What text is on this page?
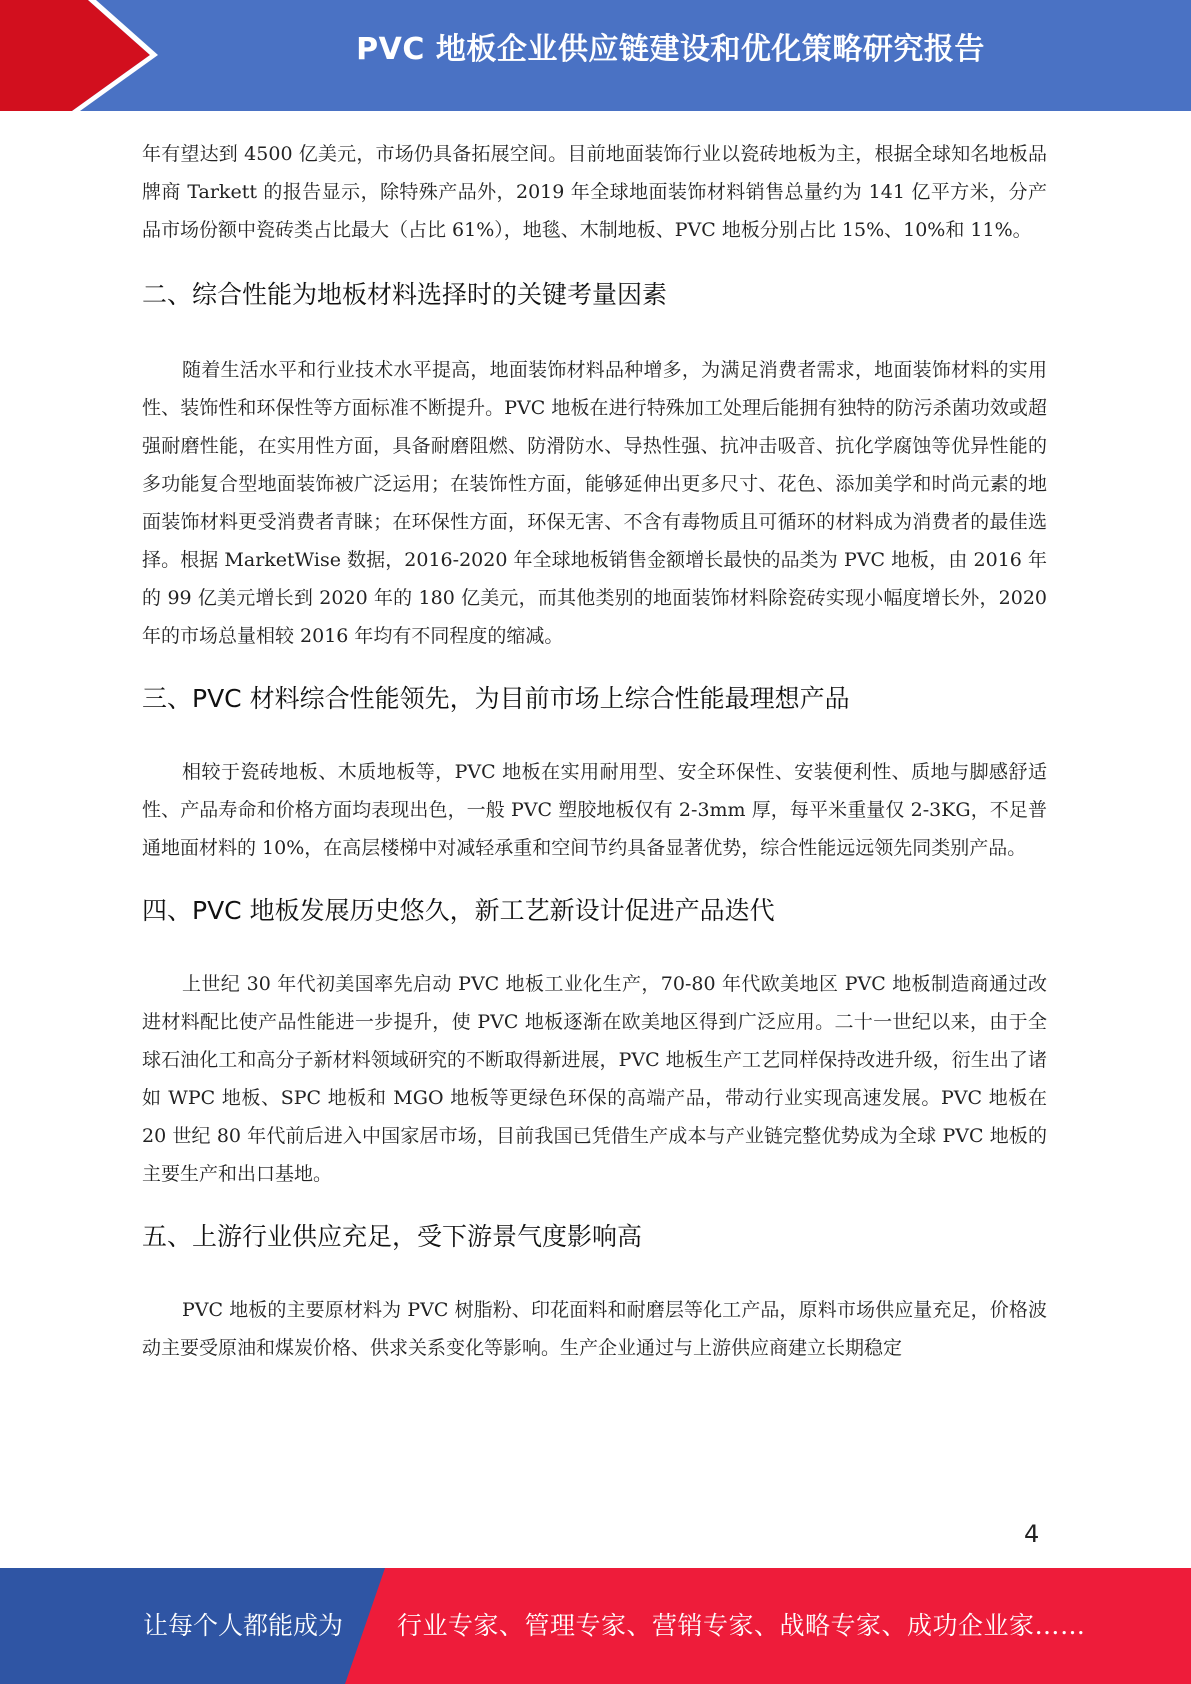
PVC 地板企业供应链建设和优化策略研究报告

年有望达到 4500 亿美元，市场仍具备拓展空间。目前地面装饰行业以瓷砖地板为主，根据全球知名地板品牌商 Tarkett 的报告显示，除特殊产品外，2019 年全球地面装饰材料销售总量约为 141 亿平方米，分产品市场份额中瓷砖类占比最大（占比 61%），地毯、木制地板、PVC 地板分别占比 15%、10%和 11%。

二、综合性能为地板材料选择时的关键考量因素

随着生活水平和行业技术水平提高，地面装饰材料品种增多，为满足消费者需求，地面装饰材料的实用性、装饰性和环保性等方面标准不断提升。PVC 地板在进行特殊加工处理后能拥有独特的防污杀菌功效或超强耐磨性能，在实用性方面，具备耐磨阻燃、防滑防水、导热性强、抗冲击吸音、抗化学腐蚀等优异性能的多功能复合型地面装饰被广泛运用；在装饰性方面，能够延伸出更多尺寸、花色、添加美学和时尚元素的地面装饰材料更受消费者青睐；在环保性方面，环保无害、不含有毒物质且可循环的材料成为消费者的最佳选择。根据 MarketWise 数据，2016-2020 年全球地板销售金额增长最快的品类为 PVC 地板，由 2016 年的 99 亿美元增长到 2020 年的 180 亿美元，而其他类别的地面装饰材料除瓷砖实现小幅度增长外，2020 年的市场总量相较 2016 年均有不同程度的缩减。

三、PVC 材料综合性能领先，为目前市场上综合性能最理想产品

相较于瓷砖地板、木质地板等，PVC 地板在实用耐用型、安全环保性、安装便利性、质地与脚感舒适性、产品寿命和价格方面均表现出色，一般 PVC 塑胶地板仅有 2-3mm 厚，每平米重量仅 2-3KG，不足普通地面材料的 10%，在高层楼梯中对减轻承重和空间节约具备显著优势，综合性能远远领先同类别产品。

四、PVC 地板发展历史悠久，新工艺新设计促进产品迭代

上世纪 30 年代初美国率先启动 PVC 地板工业化生产，70-80 年代欧美地区 PVC 地板制造商通过改进材料配比使产品性能进一步提升，使 PVC 地板逐渐在欧美地区得到广泛应用。二十一世纪以来，由于全球石油化工和高分子新材料领域研究的不断取得新进展，PVC 地板生产工艺同样保持改进升级，衍生出了诸如 WPC 地板、SPC 地板和 MGO 地板等更绿色环保的高端产品，带动行业实现高速发展。PVC 地板在 20 世纪 80 年代前后进入中国家居市场，目前我国已凭借生产成本与产业链完整优势成为全球 PVC 地板的主要生产和出口基地。

五、上游行业供应充足，受下游景气度影响高

PVC 地板的主要原材料为 PVC 树脂粉、印花面料和耐磨层等化工产品，原料市场供应量充足，价格波动主要受原油和煤炭价格、供求关系变化等影响。生产企业通过与上游供应商建立长期稳定

4
让每个人都能成为 行业专家、管理专家、营销专家、战略专家、成功企业家……
